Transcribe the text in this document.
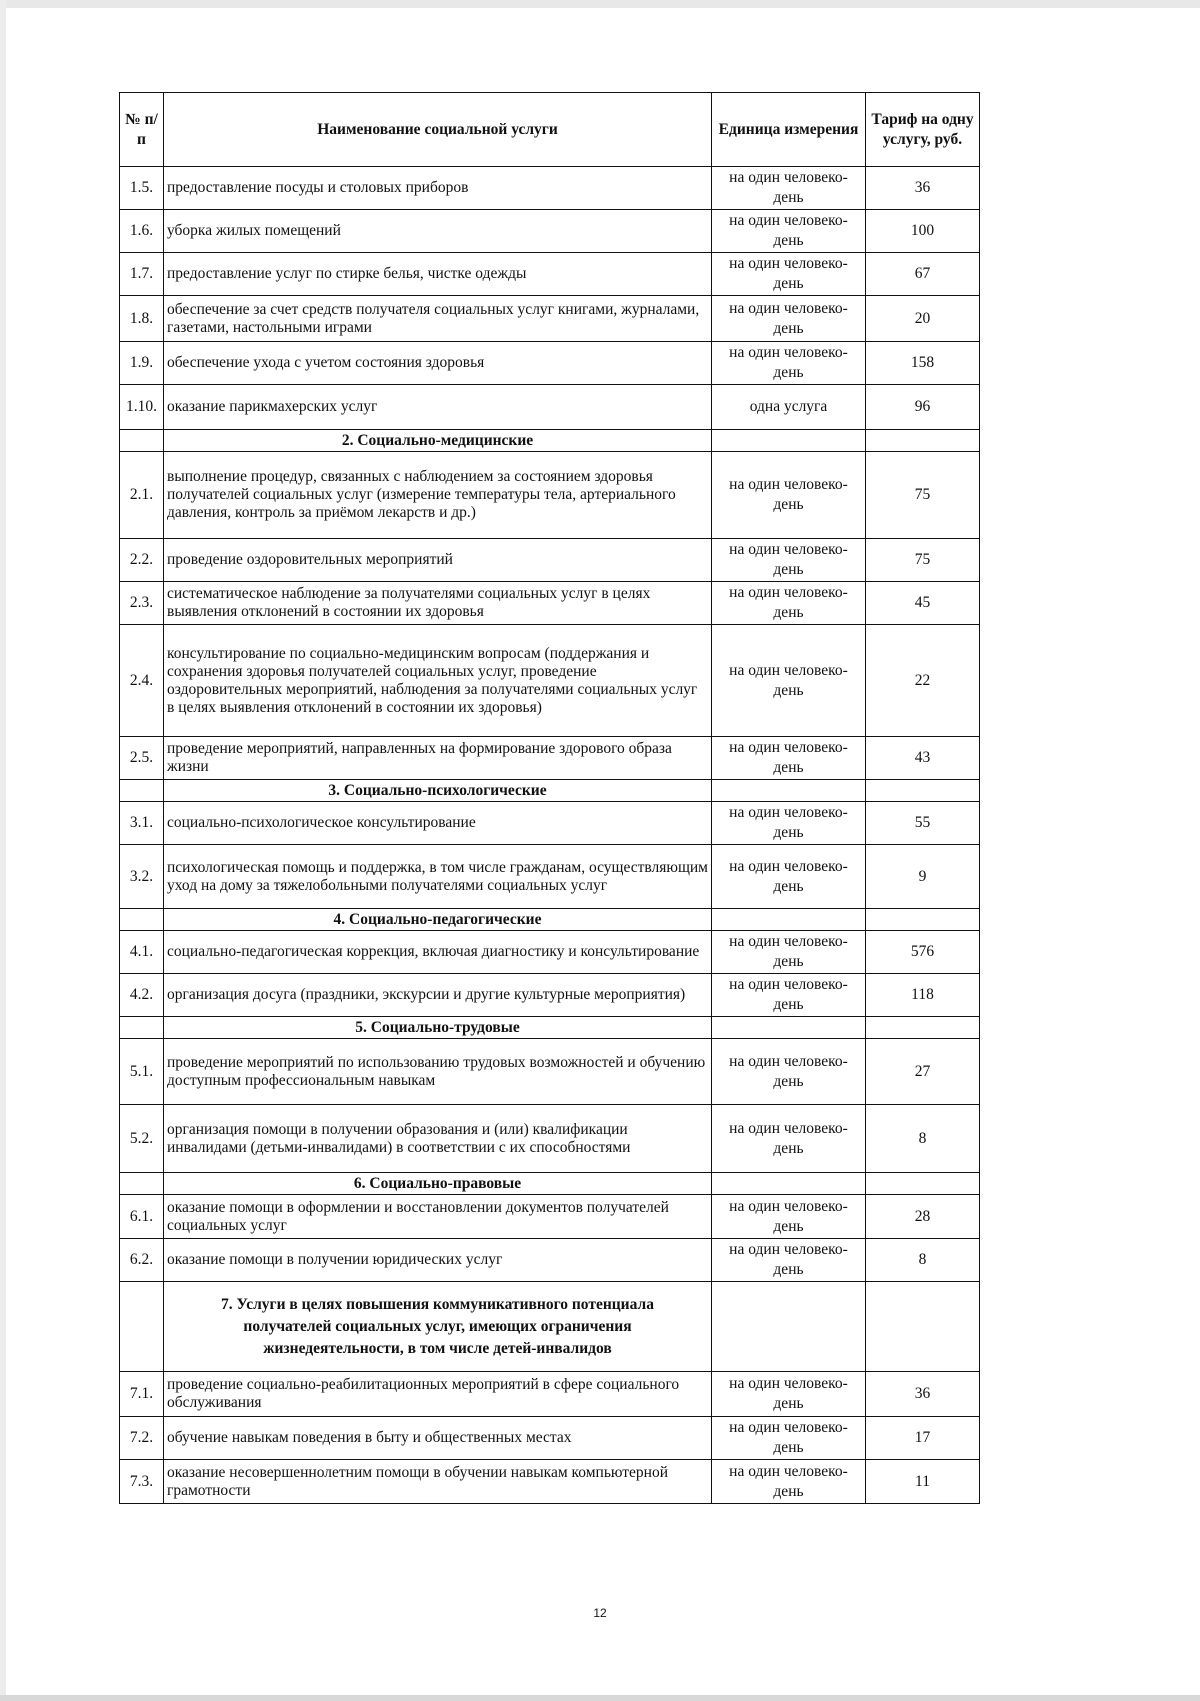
№ п/п	Наименование социальной услуги	Единица измерения	Тариф на одну услугу, руб.
1.5.	предоставление посуды и столовых приборов	на один человеко-день	36
1.6.	уборка жилых помещений	на один человеко-день	100
1.7.	предоставление услуг по стирке белья, чистке одежды	на один человеко-день	67
1.8.	обеспечение за счет средств получателя социальных услуг книгами, журналами, газетами, настольными играми	на один человеко-день	20
1.9.	обеспечение ухода с учетом состояния здоровья	на один человеко-день	158
1.10.	оказание парикмахерских услуг	одна услуга	96
	2. Социально-медицинские		
2.1.	выполнение процедур, связанных с наблюдением за состоянием здоровья получателей социальных услуг (измерение температуры тела, артериального давления, контроль за приёмом лекарств и др.)	на один человеко-день	75
2.2.	проведение оздоровительных мероприятий	на один человеко-день	75
2.3.	систематическое наблюдение за получателями социальных услуг в целях выявления отклонений в состоянии их здоровья	на один человеко-день	45
2.4.	консультирование по социально-медицинским вопросам (поддержания и сохранения здоровья получателей социальных услуг, проведение оздоровительных мероприятий, наблюдения за получателями социальных услуг в целях выявления отклонений в состоянии их здоровья)	на один человеко-день	22
2.5.	проведение мероприятий, направленных на формирование здорового образа жизни	на один человеко-день	43
	3. Социально-психологические		
3.1.	социально-психологическое консультирование	на один человеко-день	55
3.2.	психологическая помощь и поддержка, в том числе гражданам, осуществляющим уход на дому за тяжелобольными получателями социальных услуг	на один человеко-день	9
	4. Социально-педагогические		
4.1.	социально-педагогическая коррекция, включая диагностику и консультирование	на один человеко-день	576
4.2.	организация досуга (праздники, экскурсии и другие культурные мероприятия)	на один человеко-день	118
	5. Социально-трудовые		
5.1.	проведение мероприятий по использованию трудовых возможностей и обучению доступным профессиональным навыкам	на один человеко-день	27
5.2.	организация помощи в получении образования и (или) квалификации инвалидами (детьми-инвалидами) в соответствии с их способностями	на один человеко-день	8
	6. Социально-правовые		
6.1.	оказание помощи в оформлении и восстановлении документов получателей социальных услуг	на один человеко-день	28
6.2.	оказание помощи в получении юридических услуг	на один человеко-день	8
	7. Услуги в целях повышения коммуникативного потенциала получателей социальных услуг, имеющих ограничения жизнедеятельности, в том числе детей-инвалидов		
7.1.	проведение социально-реабилитационных мероприятий в сфере социального обслуживания	на один человеко-день	36
7.2.	обучение навыкам поведения в быту и общественных местах	на один человеко-день	17
7.3.	оказание несовершеннолетним помощи в обучении навыкам компьютерной грамотности	на один человеко-день	11
12
